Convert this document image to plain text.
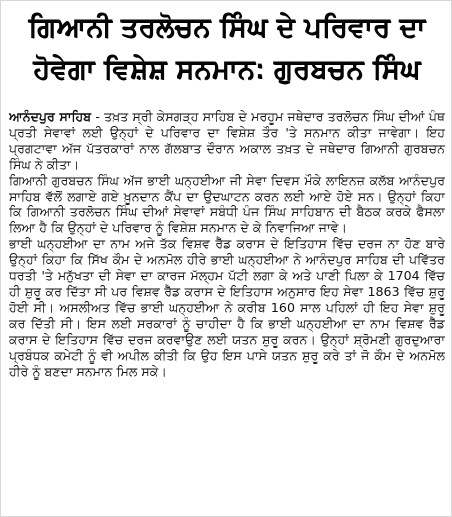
ਗਿਆਨੀ ਤਰਲੋਚਨ ਸਿੰਘ ਦੇ ਪਰਿਵਾਰ ਦਾ
ਹੋਵੇਗਾ ਵਿਸ਼ੇਸ਼ ਸਨਮਾਨ: ਗੁਰਬਚਨ ਸਿੰਘ

ਆਨੰਦਪੁਰ ਸਾਹਿਬ - ਤਖ਼ਤ ਸ੍ਰੀ ਕੇਸਗੜ੍ਹ ਸਾਹਿਬ ਦੇ ਮਰਹੂਮ ਜਥੇਦਾਰ ਤਰਲੋਚਨ ਸਿੰਘ ਦੀਆਂ ਪੰਥ ਪ੍ਰਤੀ ਸੇਵਾਵਾਂ ਲਈ ਉਨ੍ਹਾਂ ਦੇ ਪਰਿਵਾਰ ਦਾ ਵਿਸ਼ੇਸ਼ ਤੌਰ 'ਤੇ ਸਨਮਾਨ ਕੀਤਾ ਜਾਵੇਗਾ। ਇਹ ਪ੍ਰਗਟਾਵਾ ਅੱਜ ਪੱਤਰਕਾਰਾਂ ਨਾਲ ਗੱਲਬਾਤ ਦੌਰਾਨ ਅਕਾਲ ਤਖ਼ਤ ਦੇ ਜਥੇਦਾਰ ਗਿਆਨੀ ਗੁਰਬਚਨ ਸਿੰਘ ਨੇ ਕੀਤਾ।

ਗਿਆਨੀ ਗੁਰਬਚਨ ਸਿੰਘ ਅੱਜ ਭਾਈ ਘਨ੍ਹਈਆ ਜੀ ਸੇਵਾ ਦਿਵਸ ਮੌਕੇ ਲਾਇਨਜ਼ ਕਲੱਬ ਆਨੰਦਪੁਰ ਸਾਹਿਬ ਵੱਲੋਂ ਲਗਾਏ ਗਏ ਖ਼ੂਨਦਾਨ ਕੈਂਪ ਦਾ ਉਦਘਾਟਨ ਕਰਨ ਲਈ ਆਏ ਹੋਏ ਸਨ। ਉਨ੍ਹਾਂ ਕਿਹਾ ਕਿ ਗਿਆਨੀ ਤਰਲੋਚਨ ਸਿੰਘ ਦੀਆਂ ਸੇਵਾਵਾਂ ਸਬੰਧੀ ਪੰਜ ਸਿੰਘ ਸਾਹਿਬਾਨ ਦੀ ਬੈਠਕ ਕਰਕੇ ਫੈਸਲਾ ਲਿਆ ਹੈ ਕਿ ਉਨ੍ਹਾਂ ਦੇ ਪਰਿਵਾਰ ਨੂੰ ਵਿਸ਼ੇਸ਼ ਸਨਮਾਨ ਦੇ ਕੇ ਨਿਵਾਜਿਆ ਜਾਵੇ।

ਭਾਈ ਘਨ੍ਹਈਆ ਦਾ ਨਾਮ ਅਜੇ ਤੱਕ ਵਿਸ਼ਵ ਰੈੱਡ ਕਰਾਸ ਦੇ ਇਤਿਹਾਸ ਵਿੱਚ ਦਰਜ ਨਾ ਹੋਣ ਬਾਰੇ ਉਨ੍ਹਾਂ ਕਿਹਾ ਕਿ ਸਿੱਖ ਕੌਮ ਦੇ ਅਨਮੋਲ ਹੀਰੇ ਭਾਈ ਘਨ੍ਹਈਆ ਨੇ ਆਨੰਦਪੁਰ ਸਾਹਿਬ ਦੀ ਪਵਿੱਤਰ ਧਰਤੀ 'ਤੇ ਮਨੁੱਖਤਾ ਦੀ ਸੇਵਾ ਦਾ ਕਾਰਜ ਮੱਲ੍ਹਮ ਪੱਟੀ ਲਗਾ ਕੇ ਅਤੇ ਪਾਣੀ ਪਿਲਾ ਕੇ 1704 ਵਿੱਚ ਹੀ ਸ਼ੁਰੂ ਕਰ ਦਿੱਤਾ ਸੀ ਪਰ ਵਿਸ਼ਵ ਰੈੱਡ ਕਰਾਸ ਦੇ ਇਤਿਹਾਸ ਅਨੁਸਾਰ ਇਹ ਸੇਵਾ 1863 ਵਿੱਚ ਸ਼ੁਰੂ ਹੋਈ ਸੀ। ਅਸਲੀਅਤ ਵਿੱਚ ਭਾਈ ਘਨ੍ਹਈਆ ਨੇ ਕਰੀਬ 160 ਸਾਲ ਪਹਿਲਾਂ ਹੀ ਇਹ ਸੇਵਾ ਸ਼ੁਰੂ ਕਰ ਦਿੱਤੀ ਸੀ। ਇਸ ਲਈ ਸਰਕਾਰਾਂ ਨੂੰ ਚਾਹੀਦਾ ਹੈ ਕਿ ਭਾਈ ਘਨ੍ਹਈਆ ਦਾ ਨਾਮ ਵਿਸ਼ਵ ਰੈੱਡ ਕਰਾਸ ਦੇ ਇਤਿਹਾਸ ਵਿੱਚ ਦਰਜ ਕਰਵਾਉਣ ਲਈ ਯਤਨ ਸ਼ੁਰੂ ਕਰਨ। ਉਨ੍ਹਾਂ ਸ਼੍ਰੋਮਣੀ ਗੁਰਦੁਆਰਾ ਪ੍ਰਬੰਧਕ ਕਮੇਟੀ ਨੂੰ ਵੀ ਅਪੀਲ ਕੀਤੀ ਕਿ ਉਹ ਇਸ ਪਾਸੇ ਯਤਨ ਸ਼ੁਰੂ ਕਰੇ ਤਾਂ ਜੋ ਕੌਮ ਦੇ ਅਨਮੋਲ ਹੀਰੇ ਨੂੰ ਬਣਦਾ ਸਨਮਾਨ ਮਿਲ ਸਕੇ।
